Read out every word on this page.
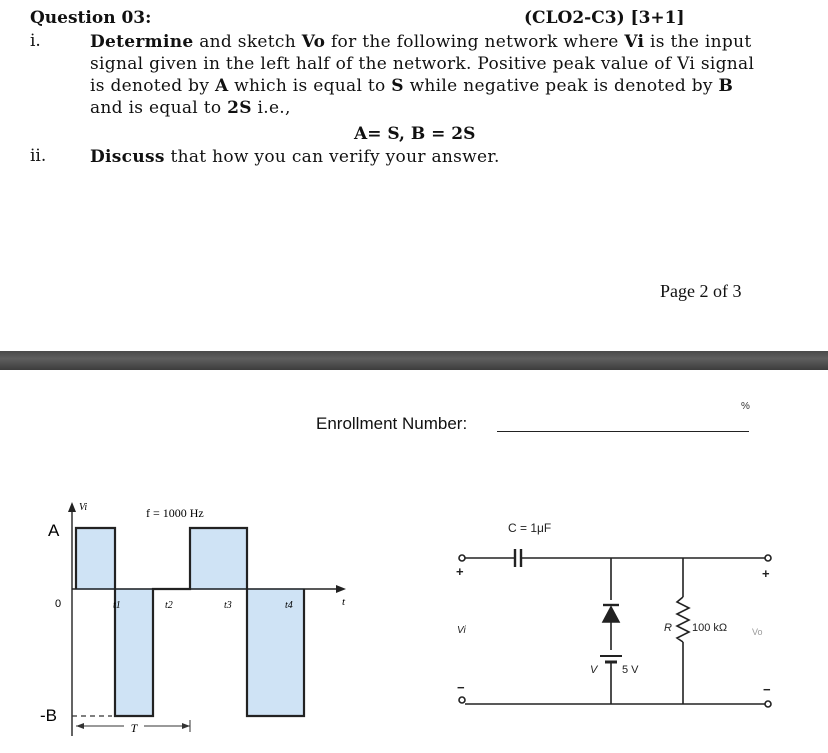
Question 03:	(CLO2-C3) [3+1]
i.	Determine and sketch Vo for the following network where Vi is the input signal given in the left half of the network. Positive peak value of Vi signal is denoted by A which is equal to S while negative peak is denoted by B and is equal to 2S i.e.,
A= S, B = 2S
ii.	Discuss that how you can verify your answer.
Page 2 of 3
%
Enrollment Number:
T
Vi	f = 1000 Hz
A
0
-B
t1	t2	t3	t4	t
C = 1μF
+
−
Vi
V 5 V
R 100 kΩ	Vo
+
−
